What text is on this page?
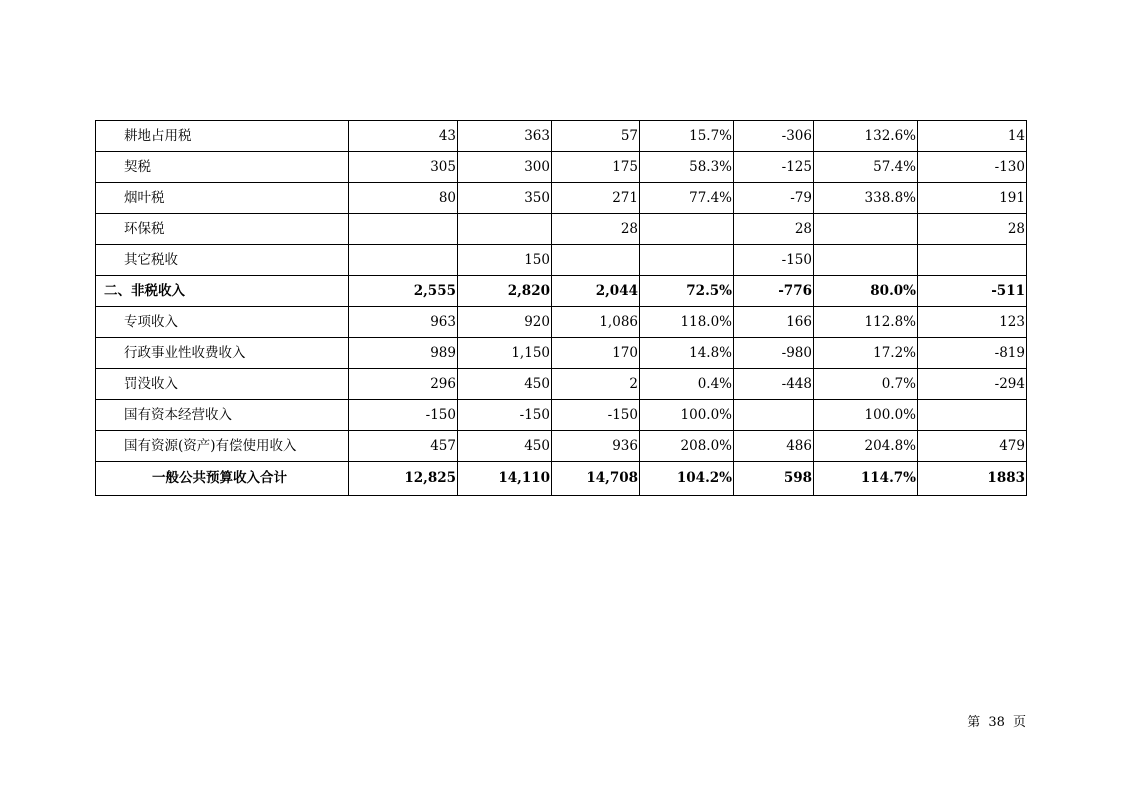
耕地占用税	43	363	57	15.7%	-306	132.6%	14
契税	305	300	175	58.3%	-125	57.4%	-130
烟叶税	80	350	271	77.4%	-79	338.8%	191
环保税			28		28		28
其它税收		150			-150		
二、非税收入	2,555	2,820	2,044	72.5%	-776	80.0%	-511
专项收入	963	920	1,086	118.0%	166	112.8%	123
行政事业性收费收入	989	1,150	170	14.8%	-980	17.2%	-819
罚没收入	296	450	2	0.4%	-448	0.7%	-294
国有资本经营收入	-150	-150	-150	100.0%		100.0%	
国有资源(资产)有偿使用收入	457	450	936	208.0%	486	204.8%	479
一般公共预算收入合计	12,825	14,110	14,708	104.2%	598	114.7%	1883
第 38 页
